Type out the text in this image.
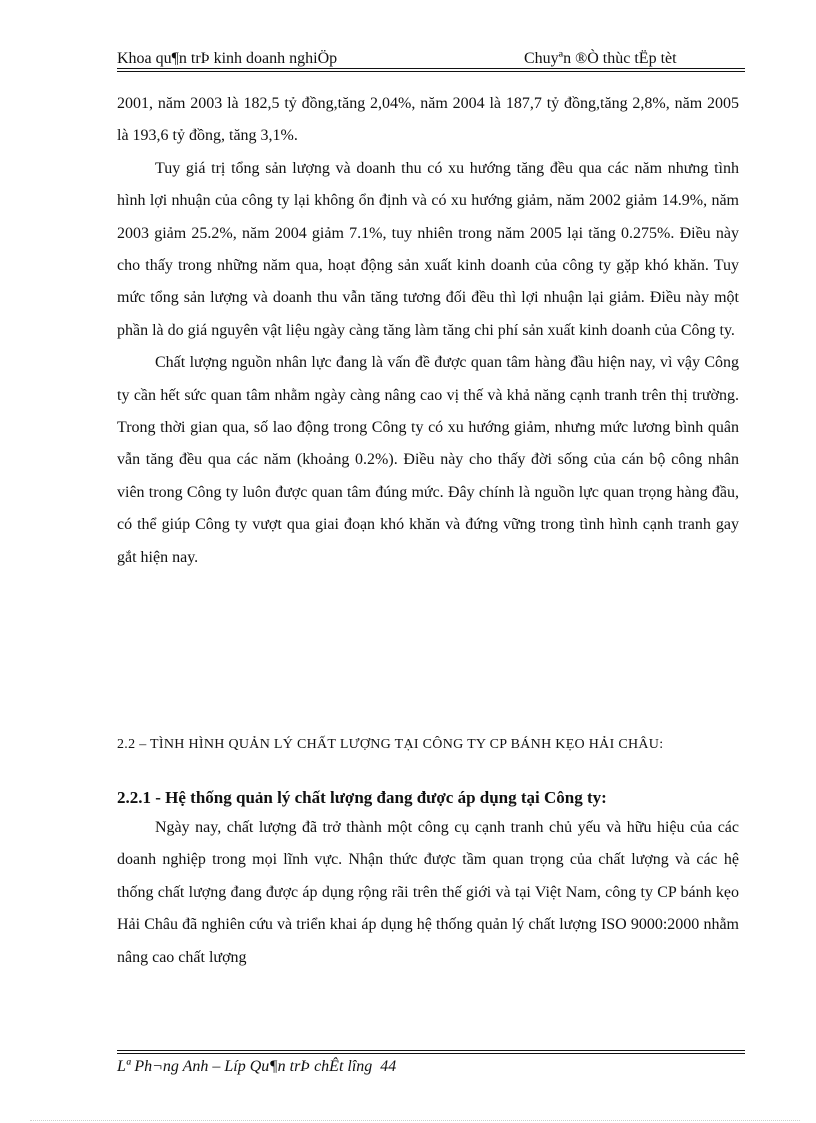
Khoa qu¶n trÞ kinh doanh nghiÖp	Chuyªn ®Ò thùc tËp tèt

2001, năm 2003 là 182,5 tỷ đồng,tăng 2,04%, năm 2004 là 187,7 tỷ đồng,tăng 2,8%, năm 2005 là 193,6 tỷ đồng, tăng 3,1%.

Tuy giá trị tổng sản lượng và doanh thu có xu hướng tăng đều qua các năm nhưng tình hình lợi nhuận của công ty lại không ổn định và có xu hướng giảm, năm 2002 giảm 14.9%, năm 2003 giảm 25.2%, năm 2004 giảm 7.1%, tuy nhiên trong năm 2005 lại tăng 0.275%. Điều này cho thấy trong những năm qua, hoạt động sản xuất kinh doanh của công ty gặp khó khăn. Tuy mức tổng sản lượng và doanh thu vẫn tăng tương đối đều thì lợi nhuận lại giảm. Điều này một phần là do giá nguyên vật liệu ngày càng tăng làm tăng chi phí sản xuất kinh doanh của Công ty.

Chất lượng nguồn nhân lực đang là vấn đề được quan tâm hàng đầu hiện nay, vì vậy Công ty cần hết sức quan tâm nhằm ngày càng nâng cao vị thế và khả năng cạnh tranh trên thị trường. Trong thời gian qua, số lao động trong Công ty có xu hướng giảm, nhưng mức lương bình quân vẫn tăng đều qua các năm (khoảng 0.2%). Điều này cho thấy đời sống của cán bộ công nhân viên trong Công ty luôn được quan tâm đúng mức. Đây chính là nguồn lực quan trọng hàng đầu, có thể giúp Công ty vượt qua giai đoạn khó khăn và đứng vững trong tình hình cạnh tranh gay gắt hiện nay.

2.2 – TÌNH HÌNH QUẢN LÝ CHẤT LƯỢNG TẠI CÔNG TY CP BÁNH KẸO HẢI CHÂU:
2.2.1 - Hệ thống quản lý chất lượng đang được áp dụng tại Công ty:

Ngày nay, chất lượng đã trở thành một công cụ cạnh tranh chủ yếu và hữu hiệu của các doanh nghiệp trong mọi lĩnh vực. Nhận thức được tầm quan trọng của chất lượng và các hệ thống chất lượng đang được áp dụng rộng rãi trên thế giới và tại Việt Nam, công ty CP bánh kẹo Hải Châu đã nghiên cứu và triển khai áp dụng hệ thống quản lý chất lượng ISO 9000:2000 nhằm nâng cao chất lượng

Lª Ph¬ng Anh – Líp Qu¶n trÞ chÊt lîng 44
